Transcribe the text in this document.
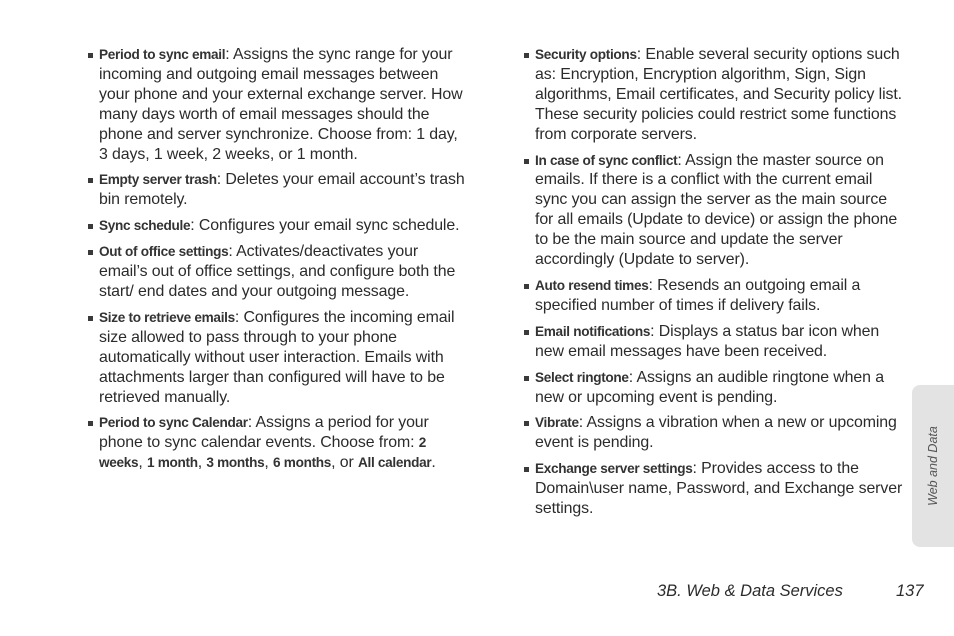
Period to sync email: Assigns the sync range for your incoming and outgoing email messages between your phone and your external exchange server. How many days worth of email messages should the phone and server synchronize. Choose from: 1 day, 3 days, 1 week, 2 weeks, or 1 month.
Empty server trash: Deletes your email account’s trash bin remotely.
Sync schedule: Configures your email sync schedule.
Out of office settings: Activates/deactivates your email’s out of office settings, and configure both the start/ end dates and your outgoing message.
Size to retrieve emails: Configures the incoming email size allowed to pass through to your phone automatically without user interaction. Emails with attachments larger than configured will have to be retrieved manually.
Period to sync Calendar: Assigns a period for your phone to sync calendar events. Choose from: 2 weeks, 1 month, 3 months, 6 months, or All calendar.
Security options: Enable several security options such as: Encryption, Encryption algorithm, Sign, Sign algorithms, Email certificates, and Security policy list. These security policies could restrict some functions from corporate servers.
In case of sync conflict: Assign the master source on emails. If there is a conflict with the current email sync you can assign the server as the main source for all emails (Update to device) or assign the phone to be the main source and update the server accordingly (Update to server).
Auto resend times: Resends an outgoing email a specified number of times if delivery fails.
Email notifications: Displays a status bar icon when new email messages have been received.
Select ringtone: Assigns an audible ringtone when a new or upcoming event is pending.
Vibrate: Assigns a vibration when a new or upcoming event is pending.
Exchange server settings: Provides access to the Domain\user name, Password, and Exchange server settings.
Web and Data
3B. Web & Data Services	137
